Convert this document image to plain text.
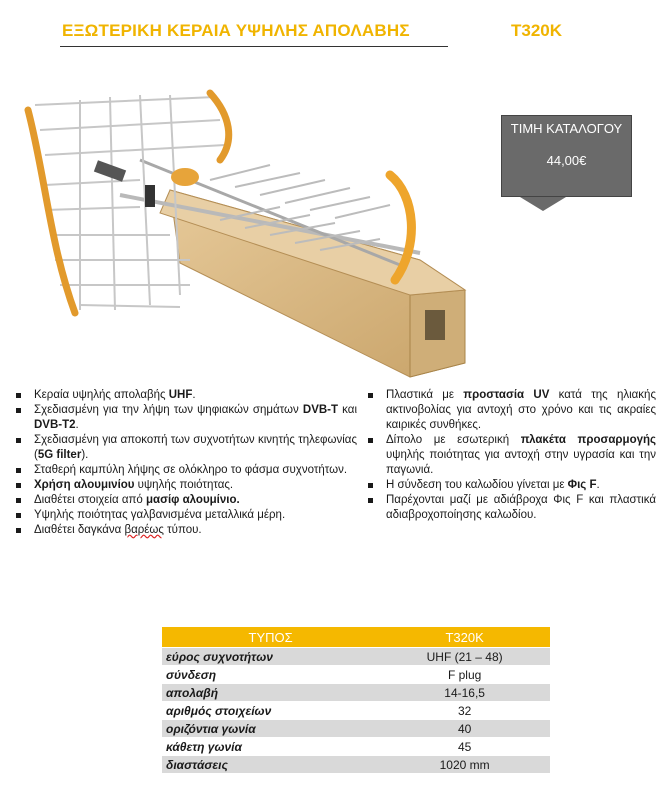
ΕΞΩΤΕΡΙΚΗ ΚΕΡΑΙΑ ΥΨΗΛΗΣ ΑΠΟΛΑΒΗΣ	T320K
ΤΙΜΗ ΚΑΤΑΛΟΓΟΥ
44,00€
Κεραία υψηλής απολαβής UHF.
Σχεδιασμένη για την λήψη των ψηφιακών σημάτων DVB-T και DVB-T2.
Σχεδιασμένη για αποκοπή των συχνοτήτων κινητής τηλεφωνίας (5G filter).
Σταθερή καμπύλη λήψης σε ολόκληρο το φάσμα συχνοτήτων.
Χρήση αλουμινίου υψηλής ποιότητας.
Διαθέτει στοιχεία από μασίφ αλουμίνιο.
Υψηλής ποιότητας γαλβανισμένα μεταλλικά μέρη.
Διαθέτει δαγκάνα βαρέως τύπου.
Πλαστικά με προστασία UV κατά της ηλιακής ακτινοβολίας για αντοχή στο χρόνο και τις ακραίες καιρικές συνθήκες.
Δίπολο με εσωτερική πλακέτα προσαρμογής υψηλής ποιότητας για αντοχή στην υγρασία και την παγωνιά.
Η σύνδεση του καλωδίου γίνεται με Φις F.
Παρέχονται μαζί με αδιάβροχα Φις F και πλαστικά αδιαβροχοποίησης καλωδίου.
ΤΥΠΟΣ	T320K
εύρος συχνοτήτων	UHF (21 – 48)
σύνδεση	F plug
απολαβή	14-16,5
αριθμός στοιχείων	32
οριζόντια γωνία	40
κάθετη γωνία	45
διαστάσεις	1020 mm
